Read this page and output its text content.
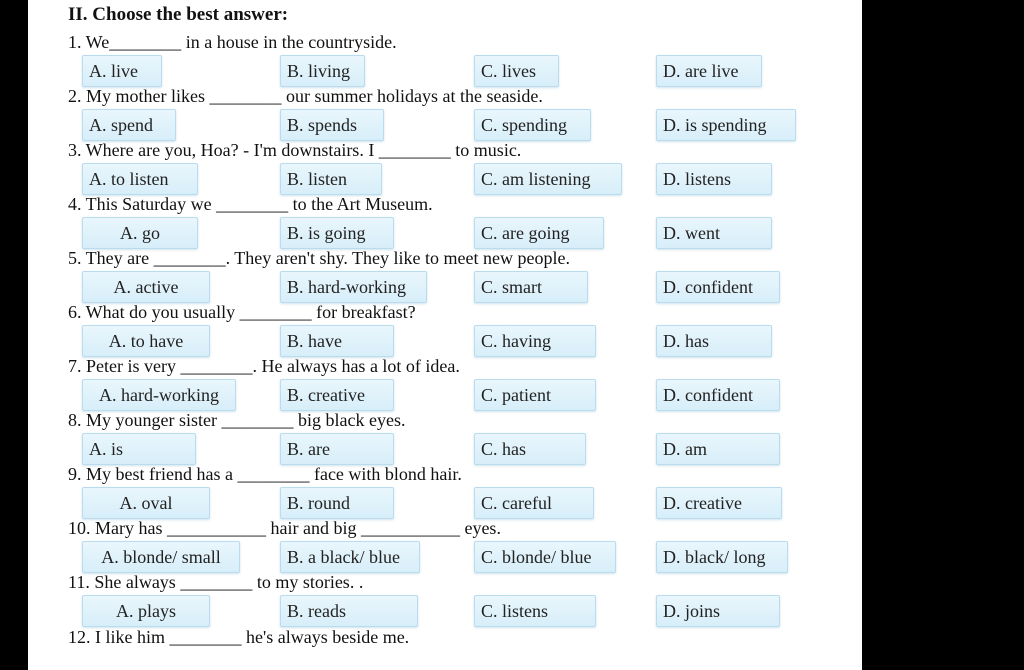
II. Choose the best answer:
1. We________ in a house in the countryside.
A. live	B. living	C. lives	D. are live
2. My mother likes ________ our summer holidays at the seaside.
A. spend	B. spends	C. spending	D. is spending
3. Where are you, Hoa? - I'm downstairs. I ________ to music.
A. to listen	B. listen	C. am listening	D. listens
4. This Saturday we ________ to the Art Museum.
A. go	B. is going	C. are going	D. went
5. They are ________. They aren't shy. They like to meet new people.
A. active	B. hard-working	C. smart	D. confident
6. What do you usually ________ for breakfast?
A. to have	B. have	C. having	D. has
7. Peter is very ________. He always has a lot of idea.
A. hard-working	B. creative	C. patient	D. confident
8. My younger sister ________ big black eyes.
A. is	B. are	C. has	D. am
9. My best friend has a ________ face with blond hair.
A. oval	B. round	C. careful	D. creative
10. Mary has ___________ hair and big ___________ eyes.
A. blonde/ small	B. a black/ blue	C. blonde/ blue	D. black/ long
11. She always ________ to my stories. .
A. plays	B. reads	C. listens	D. joins
12. I like him ________ he's always beside me.
